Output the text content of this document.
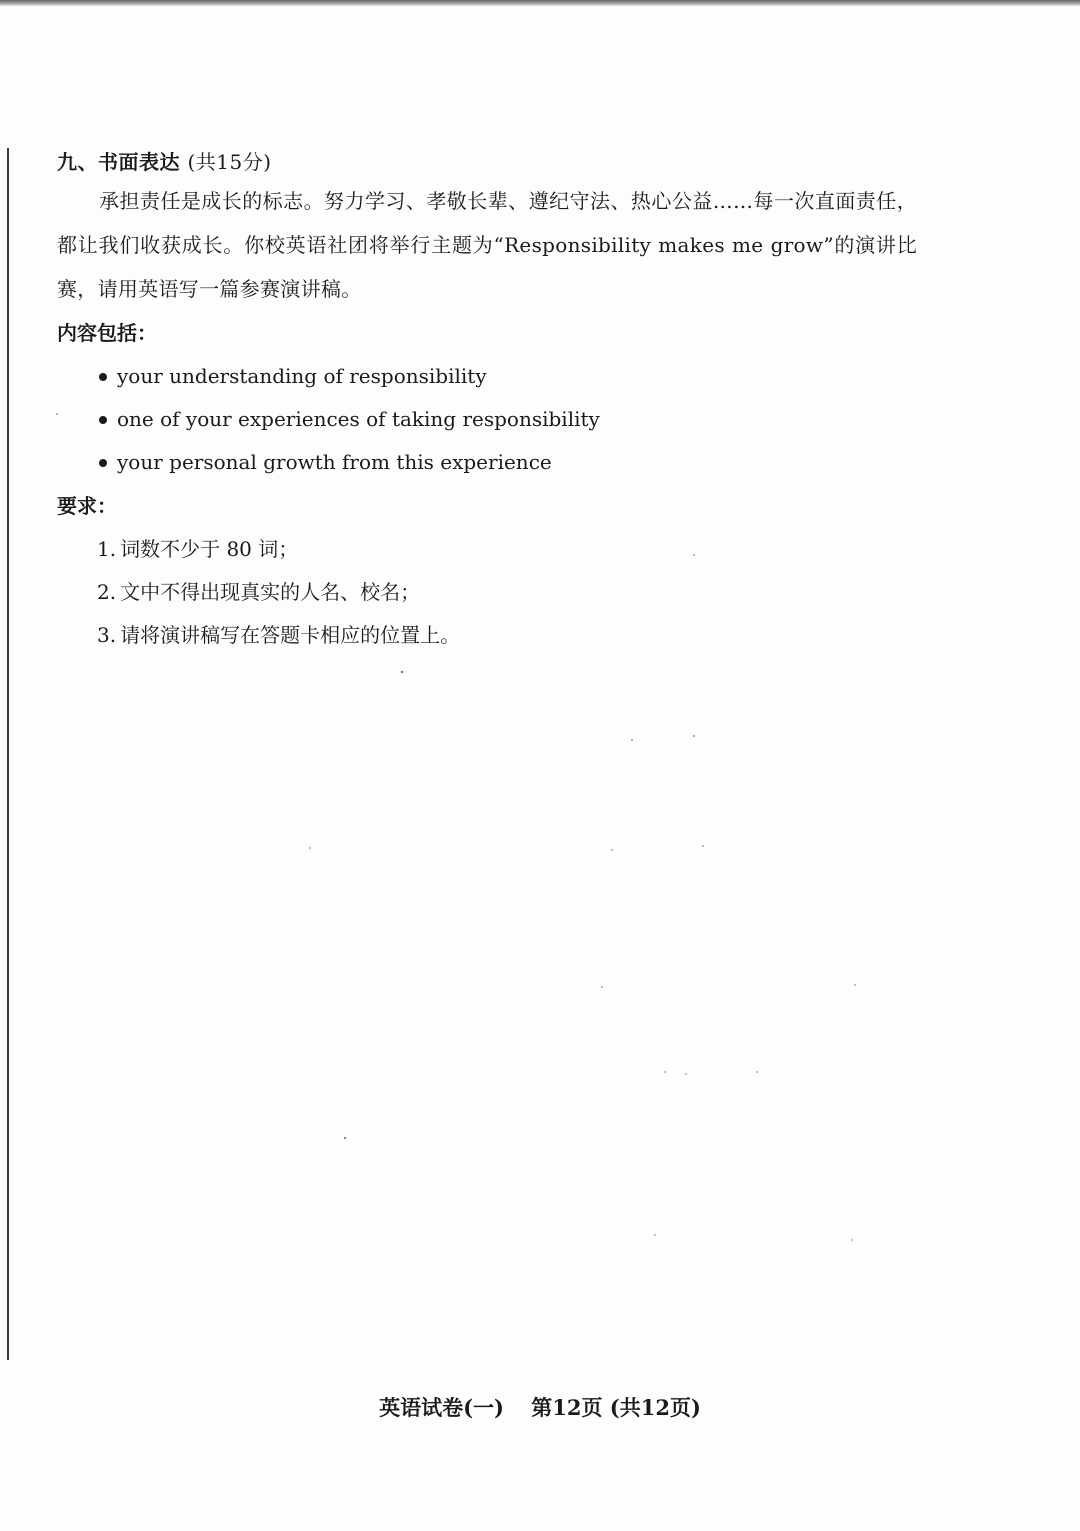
九、书面表达 (共15分)

承担责任是成长的标志。努力学习、孝敬长辈、遵纪守法、热心公益……每一次直面责任，都让我们收获成长。你校英语社团将举行主题为“Responsibility makes me grow”的演讲比赛，请用英语写一篇参赛演讲稿。

内容包括：

your understanding of responsibility
one of your experiences of taking responsibility
your personal growth from this experience

要求：

1. 词数不少于 80 词；
2. 文中不得出现真实的人名、校名；
3. 请将演讲稿写在答题卡相应的位置上。
英语试卷(一) 第12页 (共12页)
